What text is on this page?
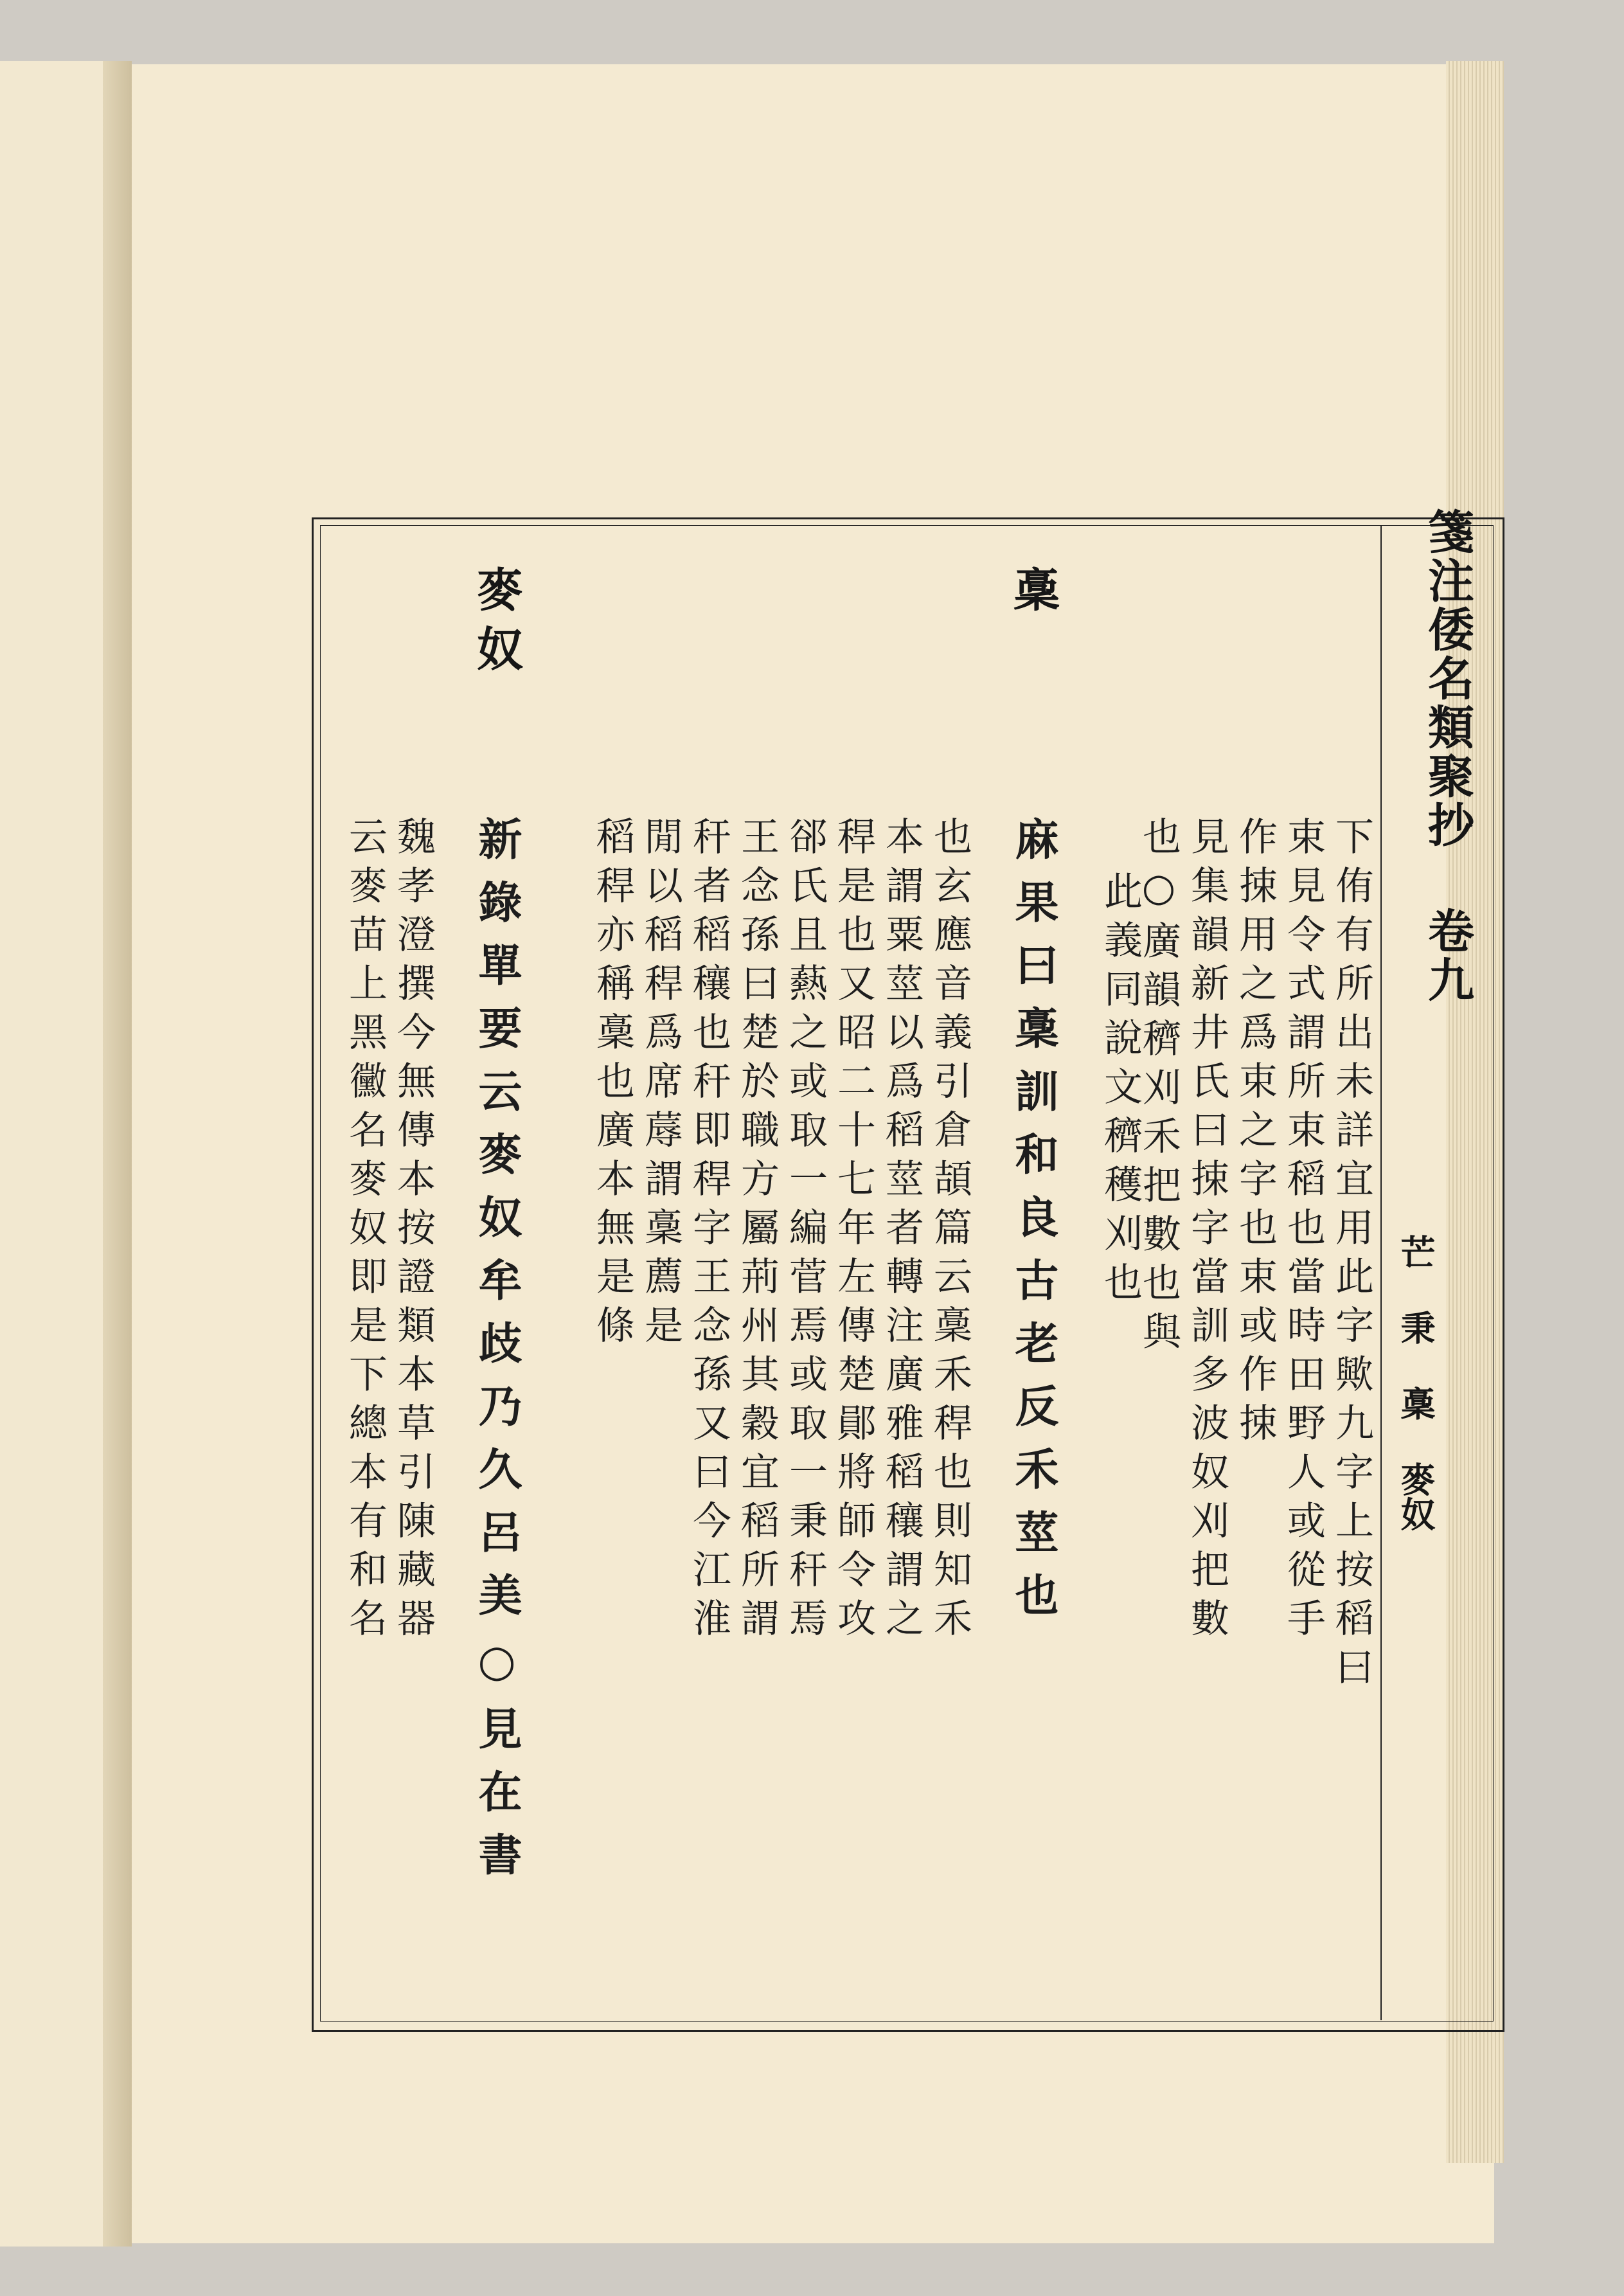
箋注倭名類聚抄 卷九
芒 秉 稾 麥奴
下侑有所出未詳宜用此字歟九字上按稻曰
束見令式謂所束稻也當時田野人或從手
作捒用之爲束之字也束或作捒
見集韻新井氏曰捒字當訓多波奴刈把數
也○廣韻穧刈禾把數也與
此義同說文穧穫刈也
稾
麻果曰稾訓和良古老反禾莖也
也玄應音義引倉頡篇云稾禾稈也則知禾
本謂粟莖以爲稻莖者轉注廣雅稻穰謂之
稈是也又昭二十七年左傳楚鄖將師令攻
郤氏且爇之或取一編菅焉或取一秉秆焉
王念孫曰楚於職方屬荊州其穀宜稻所謂
秆者稻穰也秆即稈字王念孫又曰今江淮
閒以稻稈爲席蓐謂稾薦是
稻稈亦稱稾也廣本無是條
麥奴
新錄單要云麥奴牟歧乃久呂美○見在書
魏孝澄撰今無傳本按證類本草引陳藏器
云麥苗上黑黴名麥奴即是下總本有和名
